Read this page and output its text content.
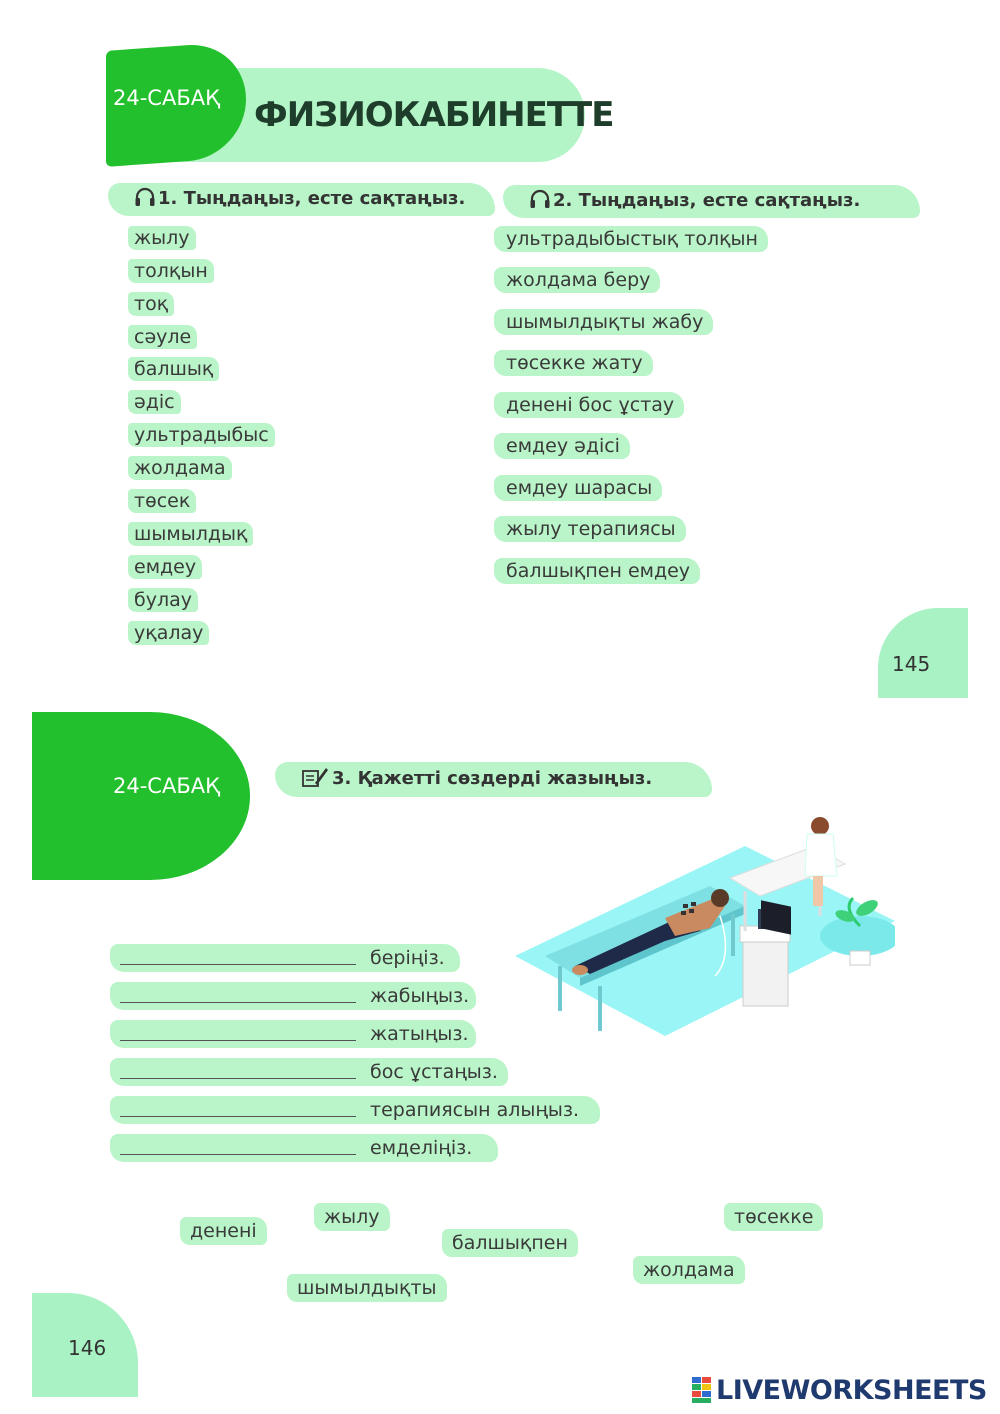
24-САБАҚ ФИЗИОКАБИНЕТТЕ
1. Тыңдаңыз, есте сақтаңыз.	2. Тыңдаңыз, есте сақтаңыз.
жылу
толқын
тоқ
сәуле
балшық
әдіс
ультрадыбыс
жолдама
төсек
шымылдық
емдеу
булау
уқалау
ультрадыбыстық толқын
жолдама беру
шымылдықты жабу
төсекке жату
денені бос ұстау
емдеу әдісі
емдеу шарасы
жылу терапиясы
балшықпен емдеу
145
24-САБАҚ	3. Қажетті сөздерді жазыңыз.
беріңіз.
жабыңыз.
жатыңыз.
бос ұстаңыз.
терапиясын алыңыз.
емделіңіз.
денені
жылу
балшықпен
шымылдықты
төсекке
жолдама
146
LIVEWORKSHEETS
